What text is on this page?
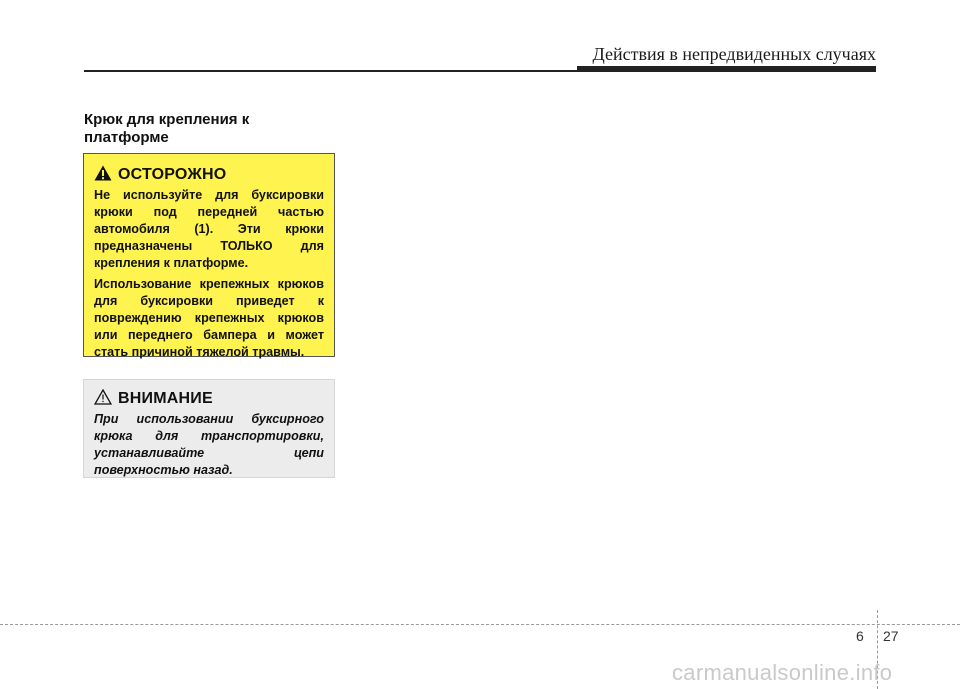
Действия в непредвиденных случаях
Крюк для крепления к
платформе
ОСТОРОЖНО

Не используйте для буксировки крюки под передней частью автомобиля (1). Эти крюки предназначены ТОЛЬКО для крепления к платформе.

Использование крепежных крюков для буксировки приведет к повреждению крепежных крюков или переднего бампера и может стать причиной тяжелой травмы.

ВНИМАНИЕ

При использовании буксирного крюка для транспортировки, устанавливайте цепи поверхностью назад.

6 27
carmanualsonline.info
